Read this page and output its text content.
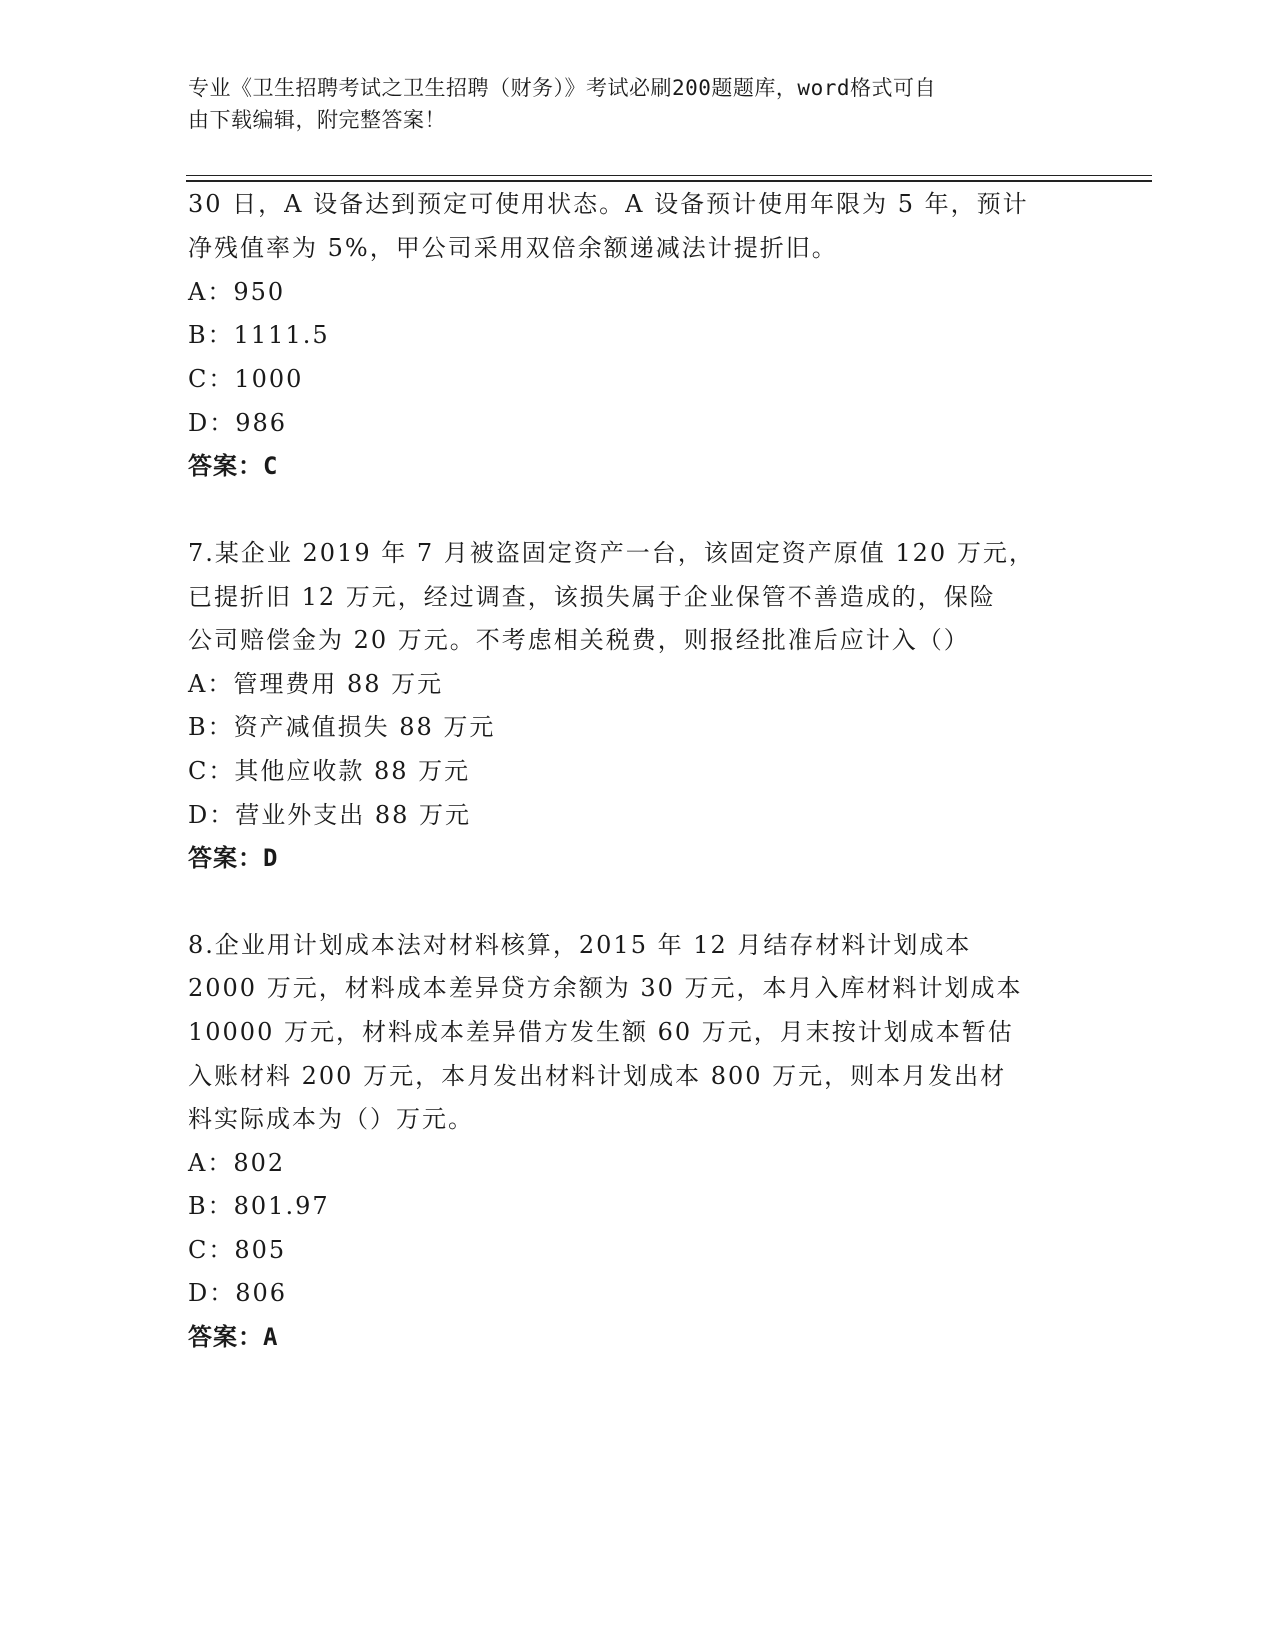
专业《卫生招聘考试之卫生招聘（财务）》考试必刷200题题库，word格式可自
由下载编辑，附完整答案！
30 日，A 设备达到预定可使用状态。A 设备预计使用年限为 5 年，预计
净残值率为 5%，甲公司采用双倍余额递减法计提折旧。
A：950
B：1111.5
C：1000
D：986
答案：C
7.某企业 2019 年 7 月被盗固定资产一台，该固定资产原值 120 万元，
已提折旧 12 万元，经过调查，该损失属于企业保管不善造成的，保险
公司赔偿金为 20 万元。不考虑相关税费，则报经批准后应计入（）
A：管理费用 88 万元
B：资产减值损失 88 万元
C：其他应收款 88 万元
D：营业外支出 88 万元
答案：D
8.企业用计划成本法对材料核算，2015 年 12 月结存材料计划成本
2000 万元，材料成本差异贷方余额为 30 万元，本月入库材料计划成本
10000 万元，材料成本差异借方发生额 60 万元，月末按计划成本暂估
入账材料 200 万元，本月发出材料计划成本 800 万元，则本月发出材
料实际成本为（）万元。
A：802
B：801.97
C：805
D：806
答案：A
